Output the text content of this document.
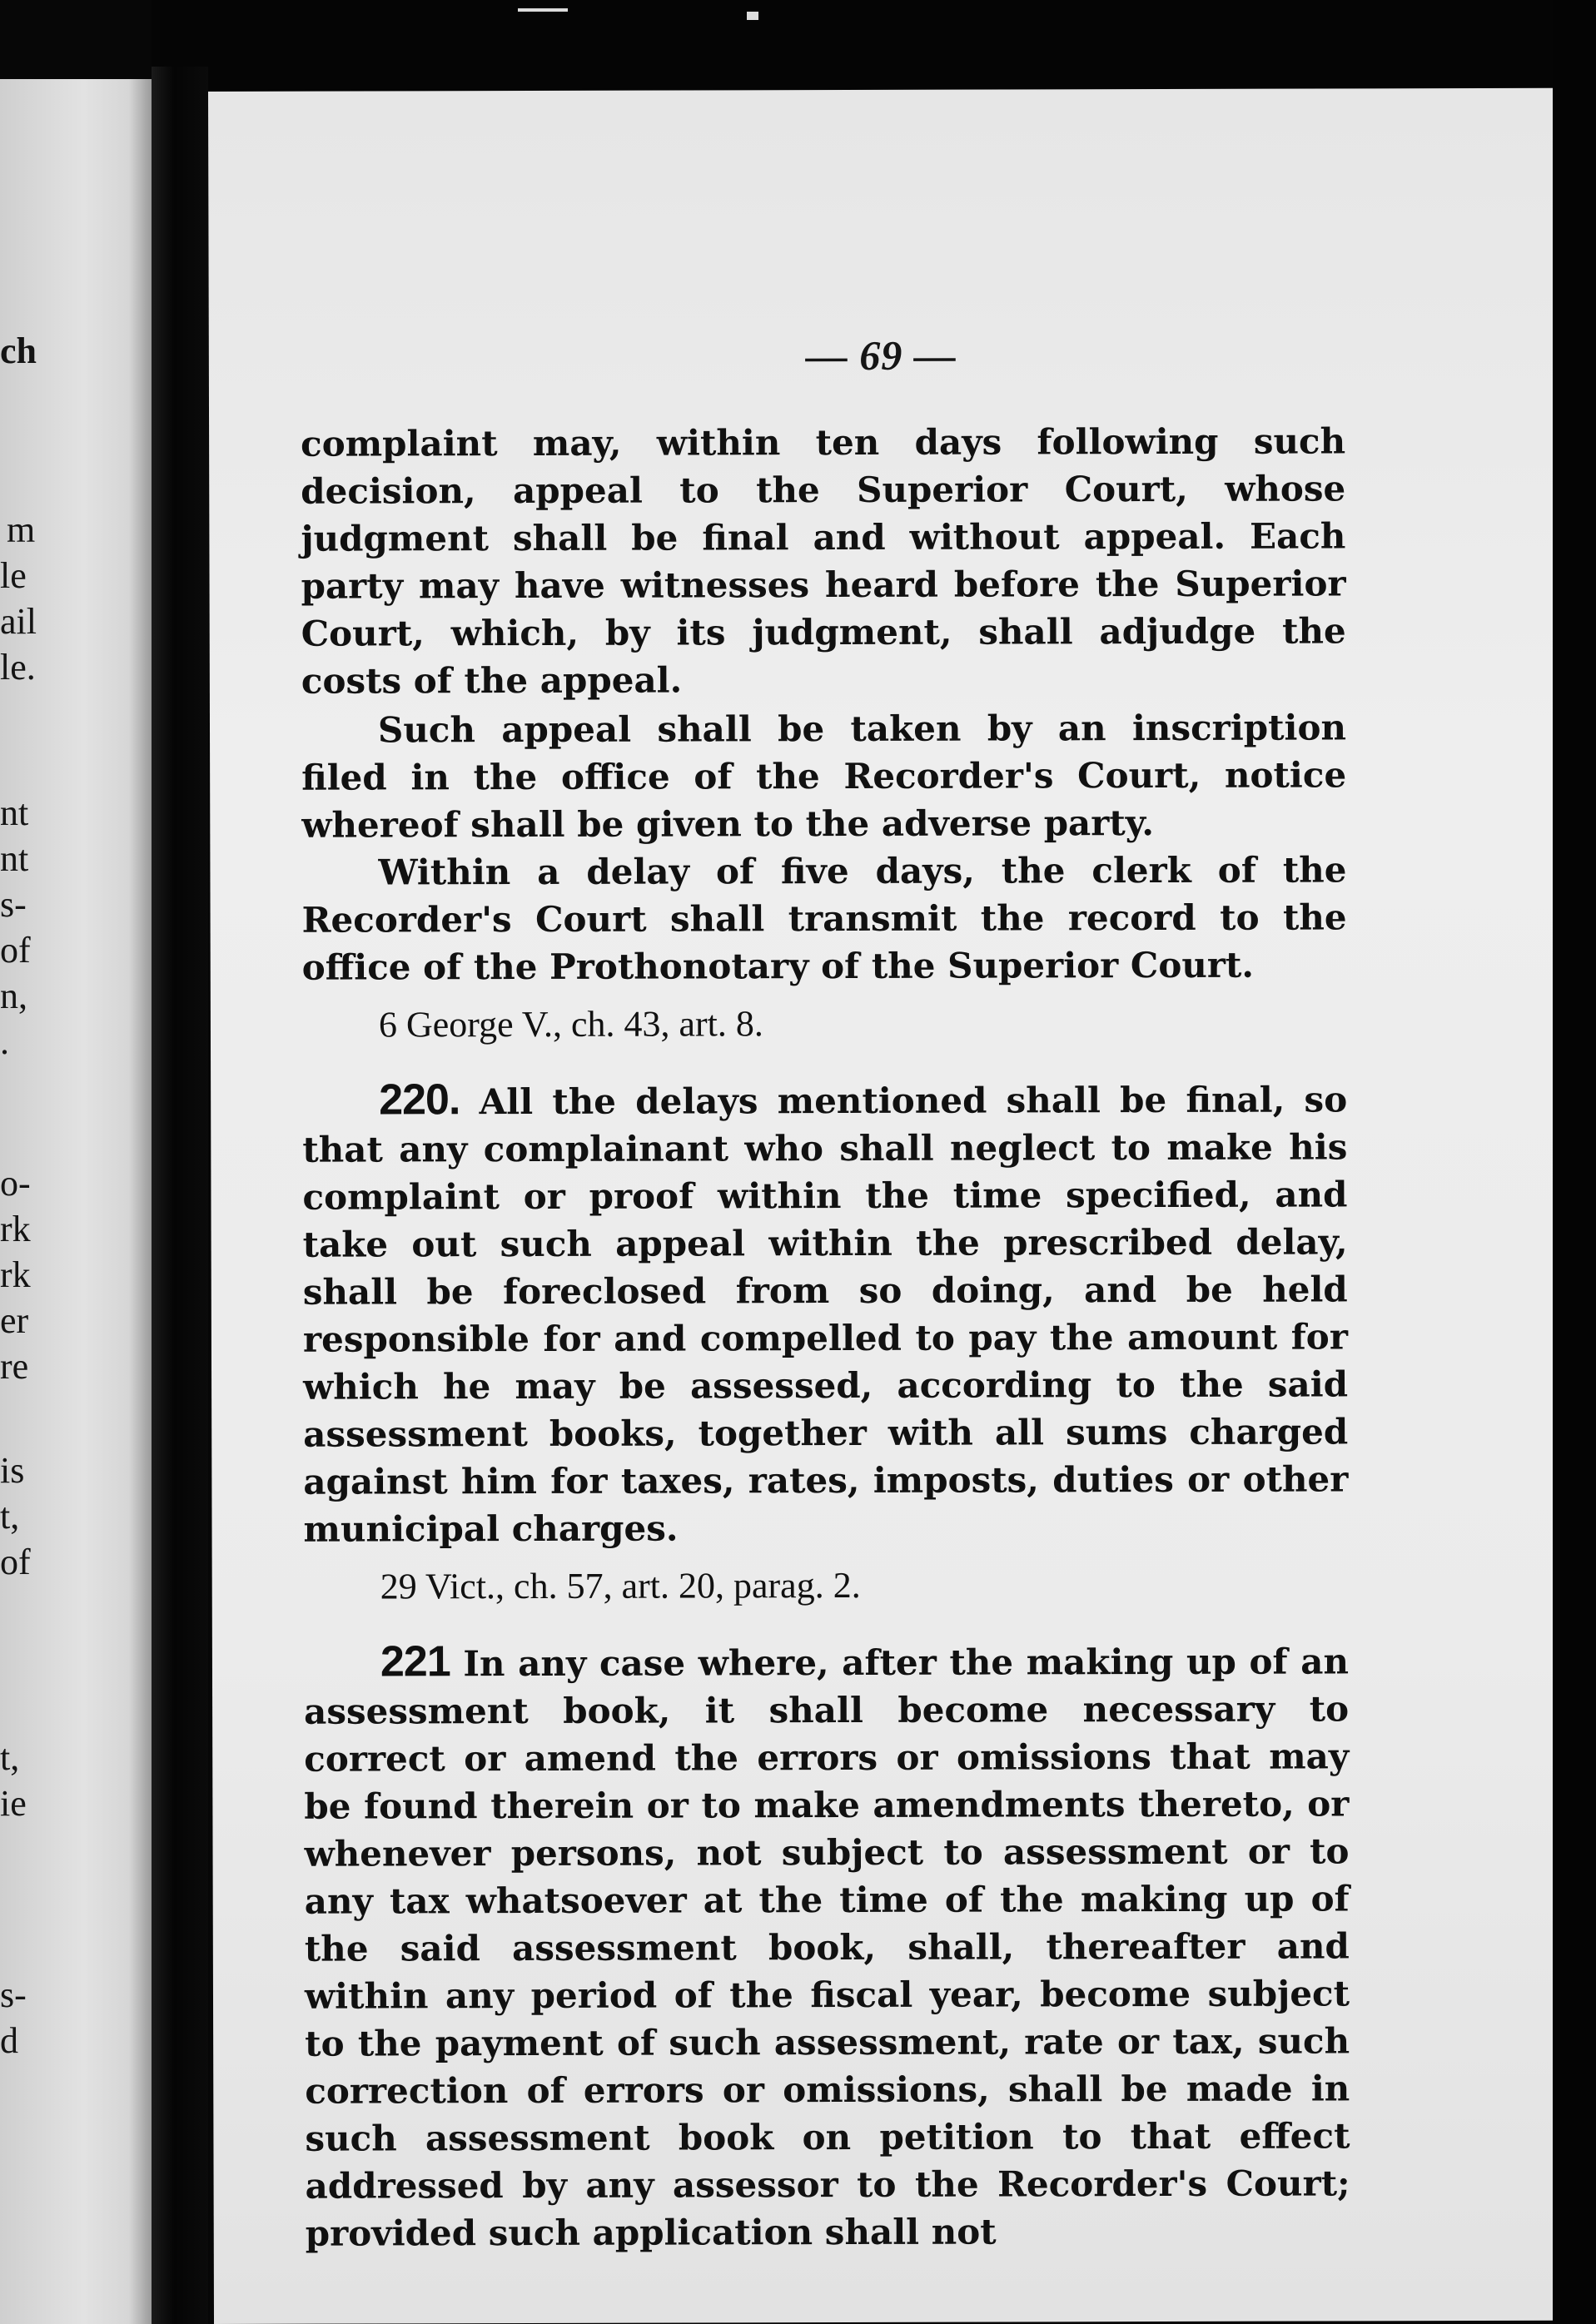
ch
m
le
ail
le.
nt
nt
s-
of
n,
.
o-
rk
rk
er
re
is
t,
of
t,
ie
s-
d
— 69 —

complaint may, within ten days following such decision, appeal to the Superior Court, whose judgment shall be final and without appeal. Each party may have witnesses heard before the Superior Court, which, by its judgment, shall adjudge the costs of the appeal.

Such appeal shall be taken by an inscription filed in the office of the Recorder's Court, notice whereof shall be given to the adverse party.

Within a delay of five days, the clerk of the Recorder's Court shall transmit the record to the office of the Prothonotary of the Superior Court.

6 George V., ch. 43, art. 8.

220. All the delays mentioned shall be final, so that any complainant who shall neglect to make his complaint or proof within the time specified, and take out such appeal within the prescribed delay, shall be foreclosed from so doing, and be held responsible for and compelled to pay the amount for which he may be assessed, according to the said assessment books, together with all sums charged against him for taxes, rates, imposts, duties or other municipal charges.

29 Vict., ch. 57, art. 20, parag. 2.

221 In any case where, after the making up of an assessment book, it shall become necessary to correct or amend the errors or omissions that may be found therein or to make amendments thereto, or whenever persons, not subject to assessment or to any tax whatsoever at the time of the making up of the said assessment book, shall, thereafter and within any period of the fiscal year, become subject to the payment of such assessment, rate or tax, such correction of errors or omissions, shall be made in such assessment book on petition to that effect addressed by any assessor to the Recorder's Court; provided such application shall not
